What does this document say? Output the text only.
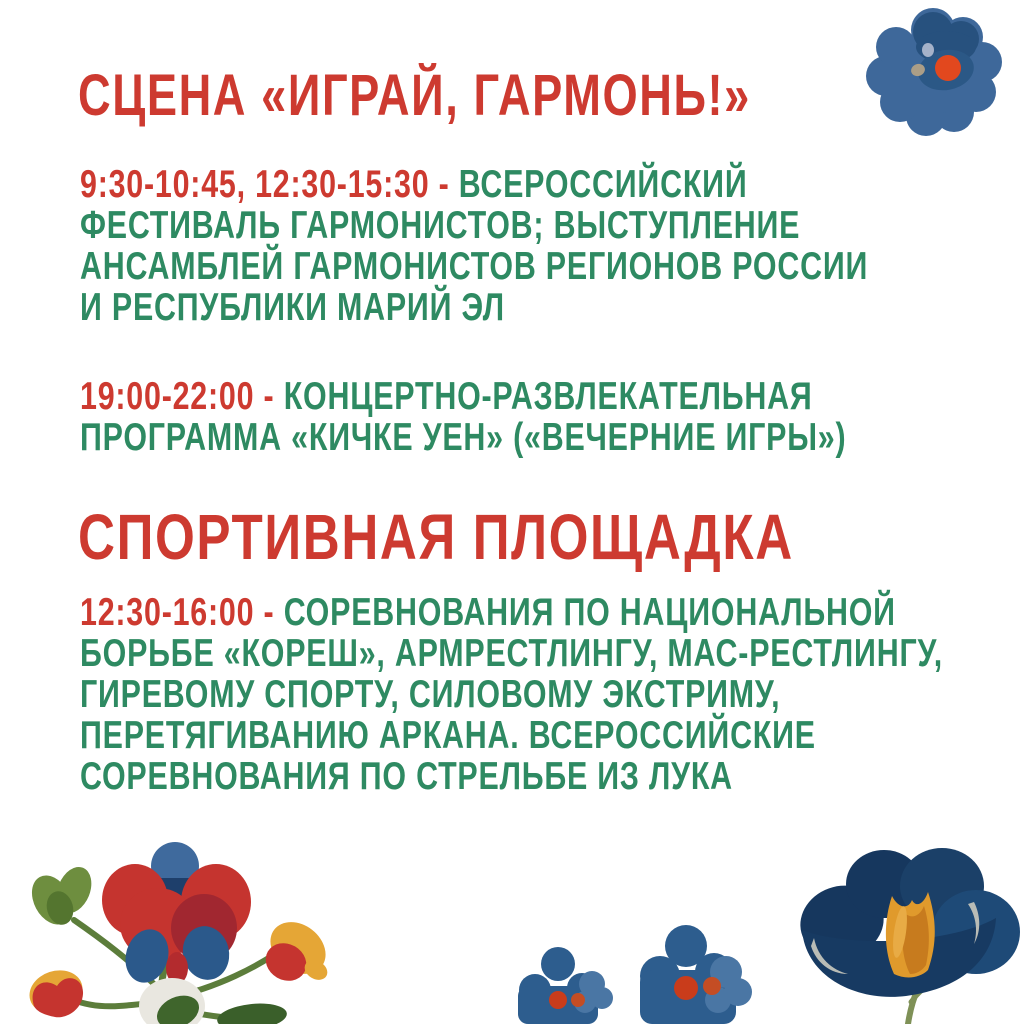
СЦЕНА «ИГРАЙ, ГАРМОНЬ!»
9:30-10:45, 12:30-15:30 - ВСЕРОССИЙСКИЙ
ФЕСТИВАЛЬ ГАРМОНИСТОВ; ВЫСТУПЛЕНИЕ
АНСАМБЛЕЙ ГАРМОНИСТОВ РЕГИОНОВ РОССИИ
И РЕСПУБЛИКИ МАРИЙ ЭЛ
19:00-22:00 - КОНЦЕРТНО-РАЗВЛЕКАТЕЛЬНАЯ
ПРОГРАММА «КИЧКЕ УЕН» («ВЕЧЕРНИЕ ИГРЫ»)
СПОРТИВНАЯ ПЛОЩАДКА
12:30-16:00 - СОРЕВНОВАНИЯ ПО НАЦИОНАЛЬНОЙ
БОРЬБЕ «КОРЕШ», АРМРЕСТЛИНГУ, МАС-РЕСТЛИНГУ,
ГИРЕВОМУ СПОРТУ, СИЛОВОМУ ЭКСТРИМУ,
ПЕРЕТЯГИВАНИЮ АРКАНА. ВСЕРОССИЙСКИЕ
СОРЕВНОВАНИЯ ПО СТРЕЛЬБЕ ИЗ ЛУКА
